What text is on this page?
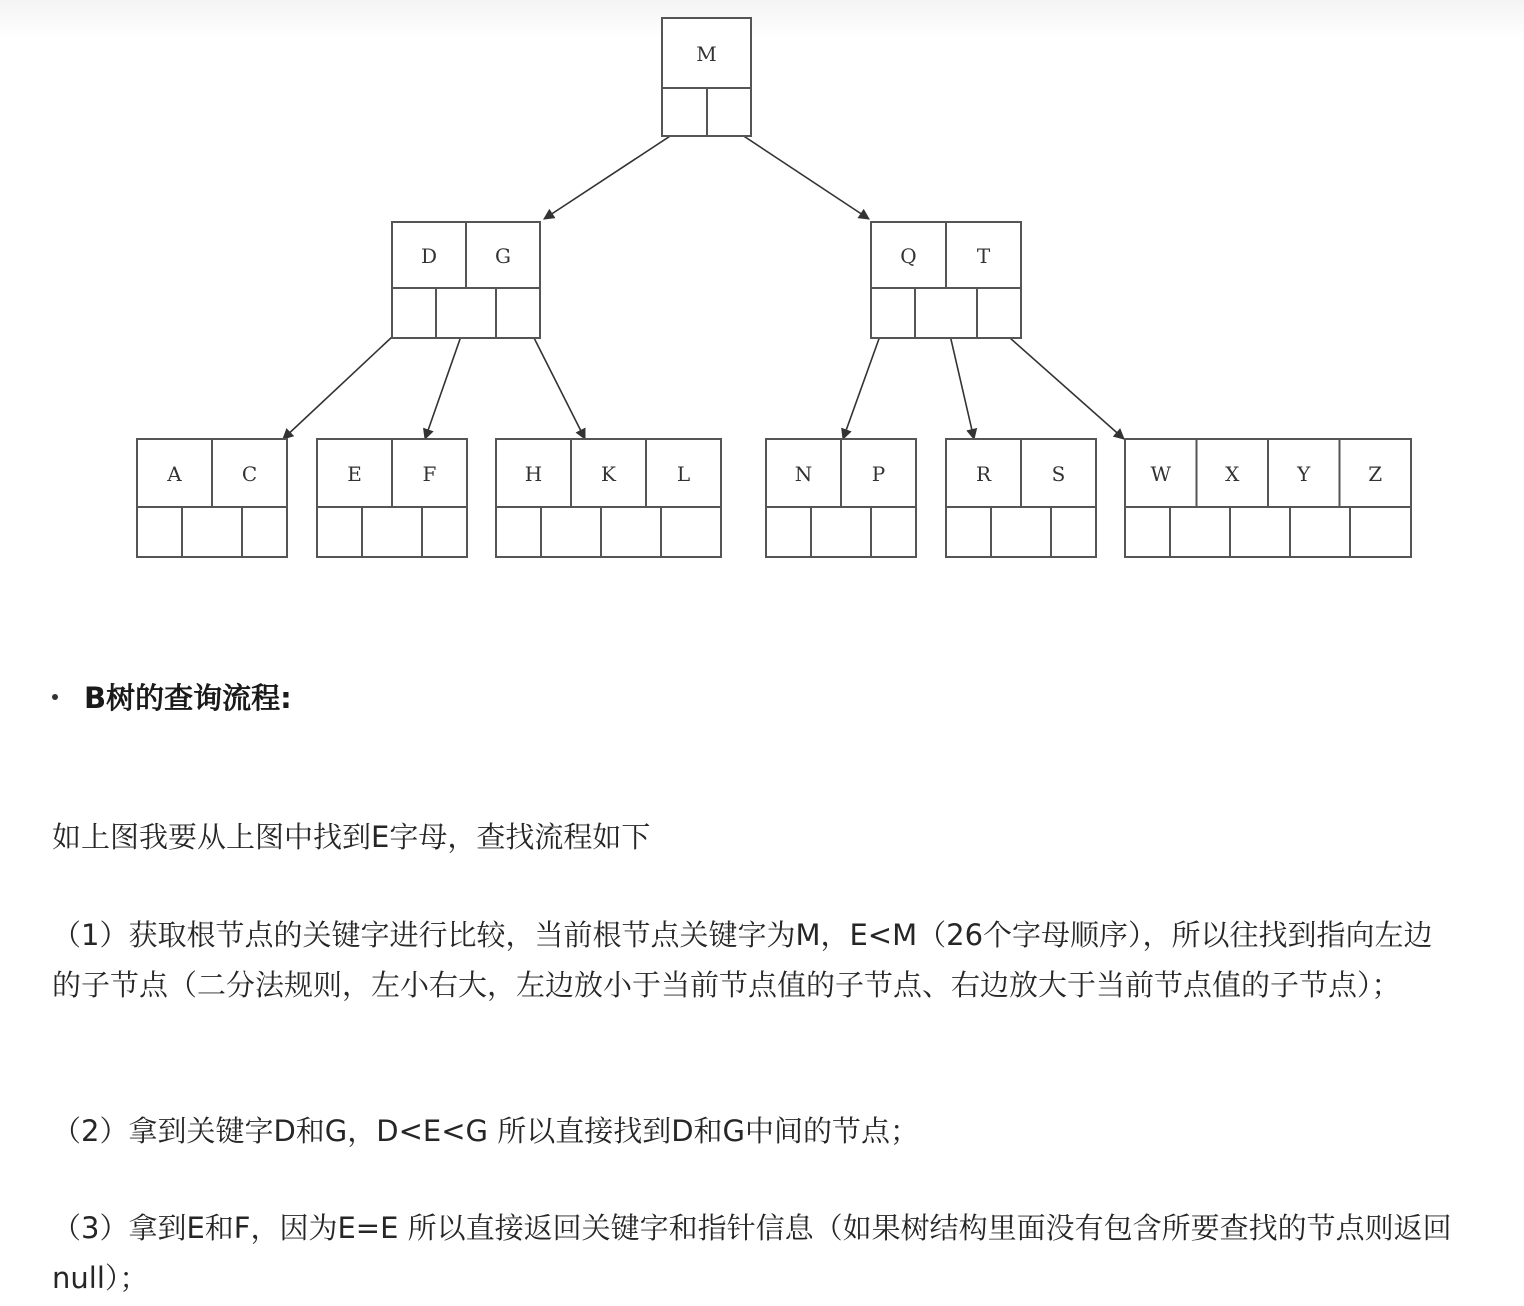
M
D	G	Q	T
A	C	E	F	H	K	L	N	P	R	S	W	X	Y	Z
B树的查询流程:

如上图我要从上图中找到E字母，查找流程如下

（1）获取根节点的关键字进行比较，当前根节点关键字为M，E<M（26个字母顺序），所以往找到指向左边的子节点（二分法规则，左小右大，左边放小于当前节点值的子节点、右边放大于当前节点值的子节点）；

（2）拿到关键字D和G，D<E<G 所以直接找到D和G中间的节点；

（3）拿到E和F，因为E=E 所以直接返回关键字和指针信息（如果树结构里面没有包含所要查找的节点则返回null）；
